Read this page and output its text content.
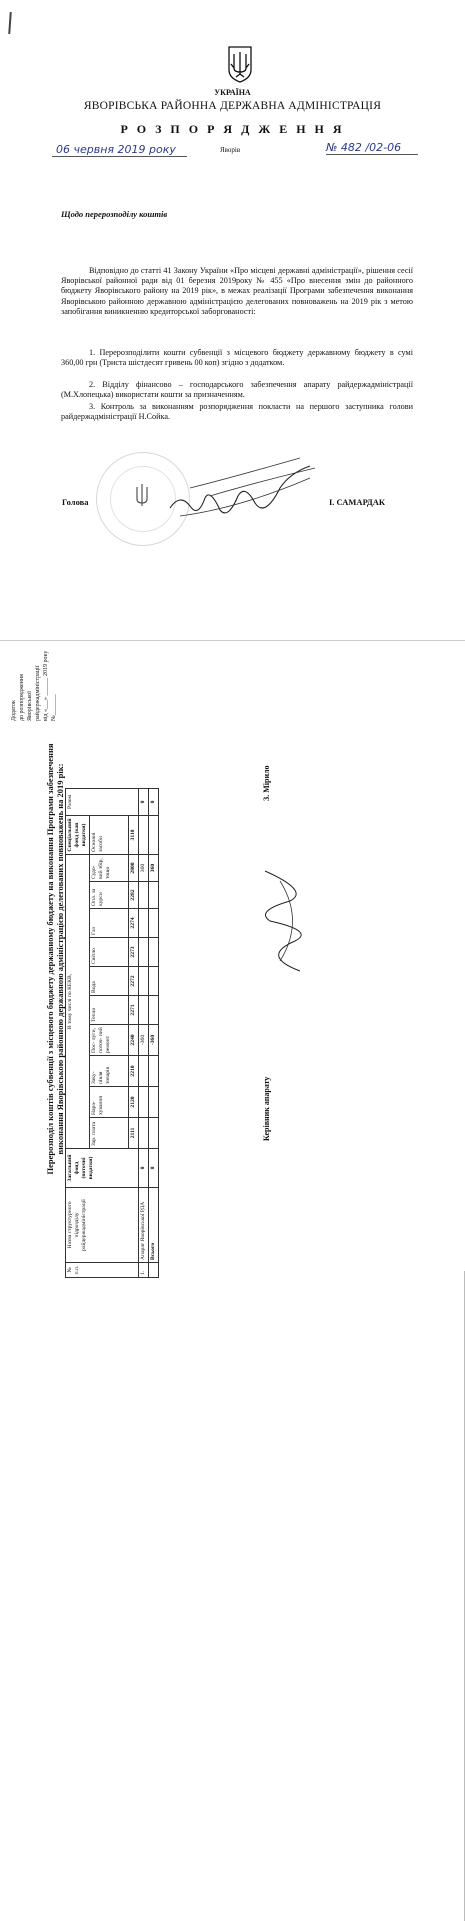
УКРАЇНА
ЯВОРІВСЬКА РАЙОННА ДЕРЖАВНА АДМІНІСТРАЦІЯ
Р О З П О Р Я Д Ж Е Н Н Я
06 червня 2019 року	Яворів	№ 482 /02-06
Щодо перерозподілу коштів
Відповідно до статті 41 Закону України «Про місцеві державні адміністрації», рішення сесії Яворівської районної ради від 01 березня 2019року № 455 «Про внесення змін до районного бюджету Яворівського району на 2019 рік», в межах реалізації Програми забезпечення виконання Яворівською районною державною адміністрацією делегованих повноважень на 2019 рік з метою запобігання виникненню кредиторської заборгованості:
1. Перерозподілити кошти субвенції з місцевого бюджету державному бюджету в сумі 360,00 грн (Триста шістдесят гривень 00 коп) згідно з додатком.
2. Відділу фінансово – господарського забезпечення апарату райдержадміністрації (М.Хлопецька) використати кошти за призначенням.
3. Контроль за виконанням розпорядження покласти на першого заступника голови райдержадміністрації Н.Сойка.
Голова	І. САМАРДАК
Додаток до розпорядження Яворівської райдержадміністрації від «___» ______ 2019 року №_______
Перерозподіл коштів субвенції з місцевого бюджету державному бюджету на виконання Програми забезпечення виконання Яворівською районною державною адміністрацією делегованих повноважень на 2019 рік:
№ п.п.	Назва структурного підрозділу райдержадміністрації	Загальний фонд (поточні видатки)	В тому числі по КЕКВ,										Спеціальний фонд (кап видатки)	Разом
			Зар. плата	Нара- хування	Заку- півля товарів	Пос- луги, поточ- ний ремонт	Тепло	Вода	Світло	Газ	Опл. за курси	Судо- вий збір, тощо	Основні засоби	
			2111	2120	2210	2240	2271	2272	2273	2274	2282	2800	3110	
1.	Апарат Яворівської РДА	0				-360						360		0
	Всього	0				-360						360		0
Керівник апарату
З. Мірило
